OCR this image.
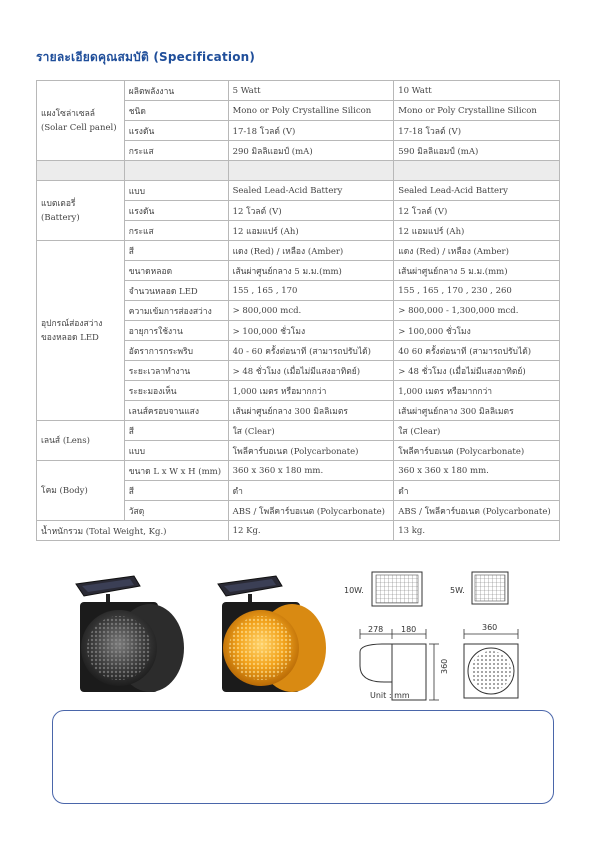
รายละเอียดคุณสมบัติ (Specification)
แผงโซล่าเซลล์
(Solar Cell panel)	ผลิตพลังงาน	5 Watt	10 Watt
	ชนิด	Mono or Poly Crystalline Silicon	Mono or Poly Crystalline Silicon
	แรงดัน	17-18 โวลต์ (V)	17-18 โวลต์ (V)
	กระแส	290 มิลลิแอมป์ (mA)	590 มิลลิแอมป์ (mA)

แบตเตอรี่
(Battery)	แบบ	Sealed Lead-Acid Battery	Sealed Lead-Acid Battery
	แรงดัน	12 โวลต์ (V)	12 โวลต์ (V)
	กระแส	12 แอมแปร์ (Ah)	12 แอมแปร์ (Ah)

อุปกรณ์ส่องสว่าง
ของหลอด LED	สี	แดง (Red) / เหลือง (Amber)	แดง (Red) / เหลือง (Amber)
	ขนาดหลอด	เส้นผ่าศูนย์กลาง 5 ม.ม.(mm)	เส้นผ่าศูนย์กลาง 5 ม.ม.(mm)
	จำนวนหลอด LED	155 , 165 , 170	155 , 165 , 170 , 230 , 260
	ความเข้มการส่องสว่าง	> 800,000 mcd.	> 800,000 - 1,300,000 mcd.
	อายุการใช้งาน	> 100,000 ชั่วโมง	> 100,000 ชั่วโมง
	อัตราการกระพริบ	40 - 60 ครั้งต่อนาที (สามารถปรับได้)	40 60 ครั้งต่อนาที (สามารถปรับได้)
	ระยะเวลาทำงาน	> 48 ชั่วโมง (เมื่อไม่มีแสงอาทิตย์)	> 48 ชั่วโมง (เมื่อไม่มีแสงอาทิตย์)
	ระยะมองเห็น	1,000 เมตร หรือมากกว่า	1,000 เมตร หรือมากกว่า
	เลนส์ครอบจานแสง	เส้นผ่าศูนย์กลาง 300 มิลลิเมตร	เส้นผ่าศูนย์กลาง 300 มิลลิเมตร

เลนส์ (Lens)	สี	ใส (Clear)	ใส (Clear)
	แบบ	โพลีคาร์บอเนต (Polycarbonate)	โพลีคาร์บอเนต (Polycarbonate)

โคม (Body)	ขนาด L x W x H (mm)	360 x 360 x 180 mm.	360 x 360 x 180 mm.
	สี	ดำ	ดำ
	วัสดุ	ABS / โพลีคาร์บอเนต (Polycarbonate)	ABS / โพลีคาร์บอเนต (Polycarbonate)
น้ำหนักรวม (Total Weight, Kg.)		12 Kg.	13 kg.
10W.	5W.
278 180
360
360
Unit : mm
